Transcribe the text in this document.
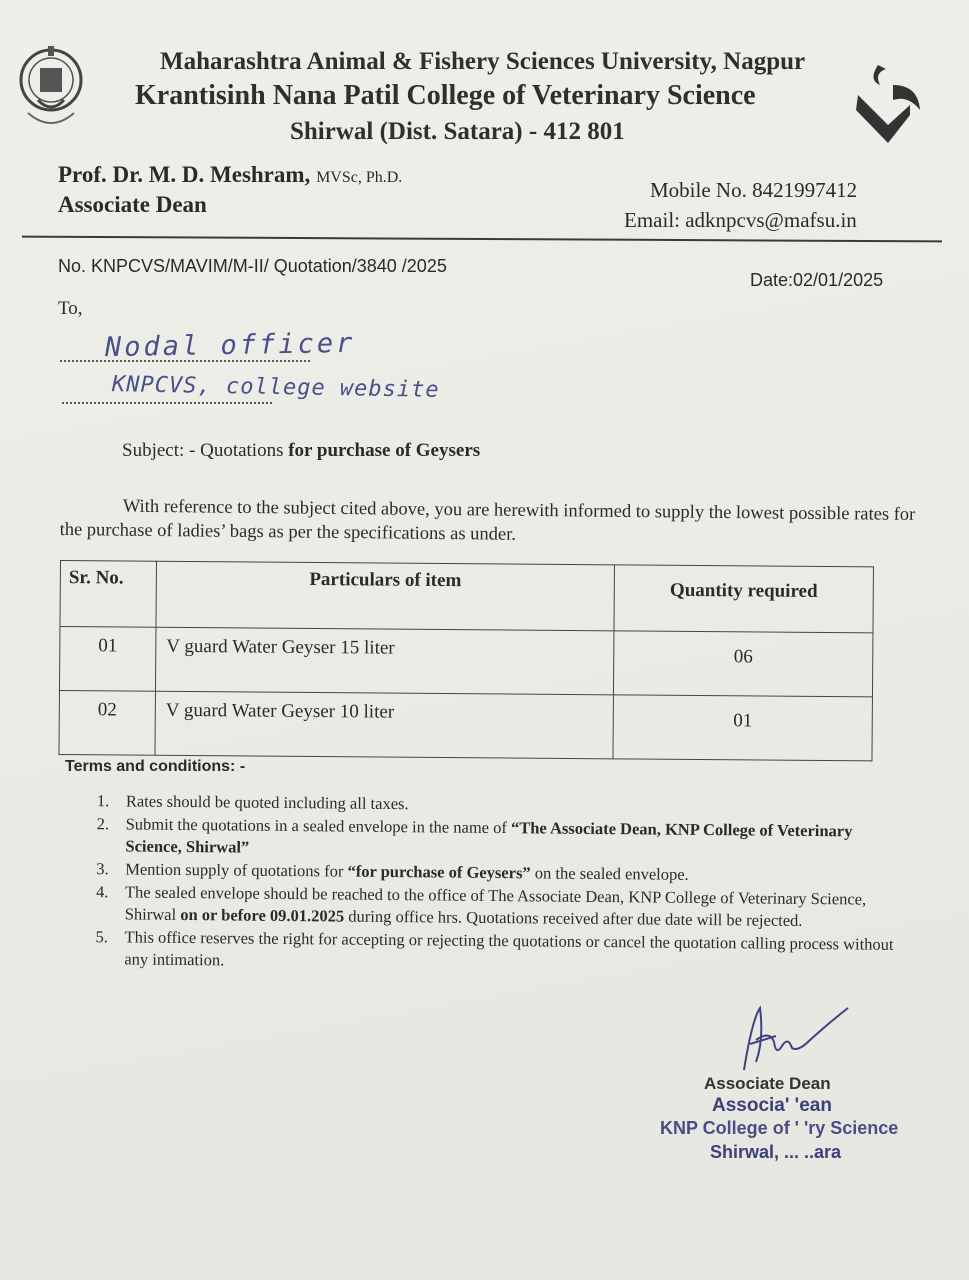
Maharashtra Animal & Fishery Sciences University, Nagpur
Krantisinh Nana Patil College of Veterinary Science
Shirwal (Dist. Satara) - 412 801
Prof. Dr. M. D. Meshram, MVSc, Ph.D.
Associate Dean
Mobile No. 8421997412
Email: adknpcvs@mafsu.in
No. KNPCVS/MAVIM/M-II/ Quotation/3840 /2025
Date:02/01/2025
To,
Nodal officer
KNPCVS, college website
Subject: - Quotations for purchase of Geysers
With reference to the subject cited above, you are herewith informed to supply the lowest possible rates for the purchase of ladies’ bags as per the specifications as under.
Sr. No.	Particulars of item	Quantity required
01	V guard Water Geyser 15 liter	06
02	V guard Water Geyser 10 liter	01
Terms and conditions: -
1. Rates should be quoted including all taxes.
2. Submit the quotations in a sealed envelope in the name of “The Associate Dean, KNP College of Veterinary Science, Shirwal”
3. Mention supply of quotations for “for purchase of Geysers” on the sealed envelope.
4. The sealed envelope should be reached to the office of The Associate Dean, KNP College of Veterinary Science, Shirwal on or before 09.01.2025 during office hrs. Quotations received after due date will be rejected.
5. This office reserves the right for accepting or rejecting the quotations or cancel the quotation calling process without any intimation.
Associate Dean
Associa' 'ean
KNP College of ' 'ry Science
Shirwal, ... ..ara
